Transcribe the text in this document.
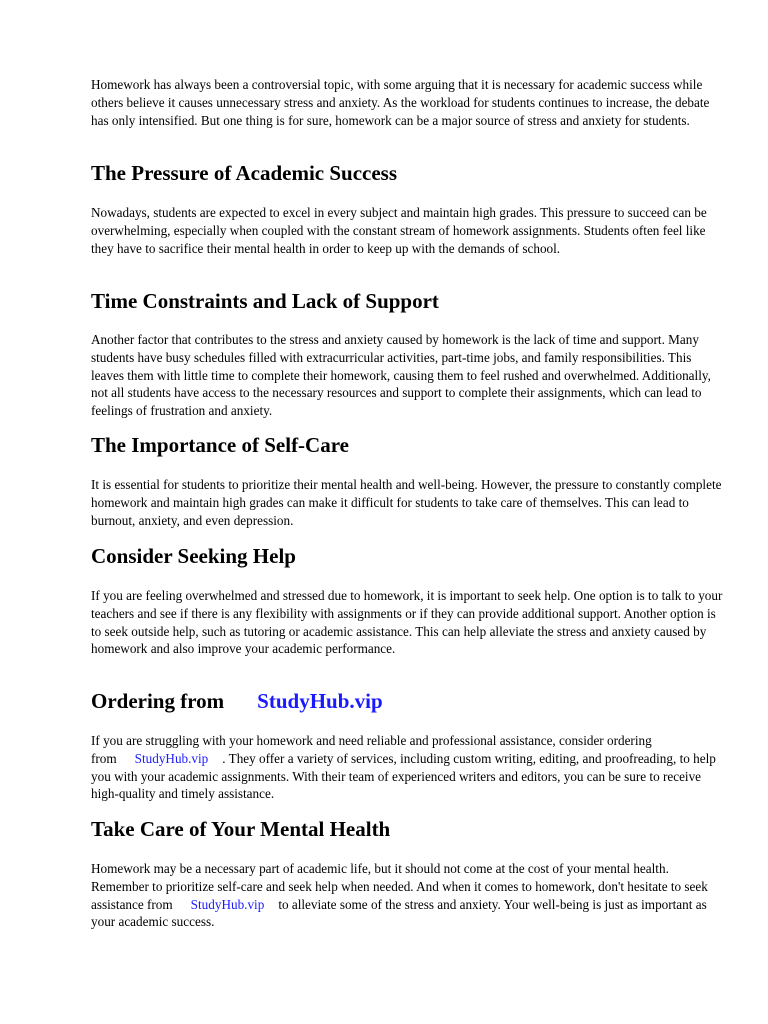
Homework has always been a controversial topic, with some arguing that it is necessary for academic success while others believe it causes unnecessary stress and anxiety. As the workload for students continues to increase, the debate has only intensified. But one thing is for sure, homework can be a major source of stress and anxiety for students.

The Pressure of Academic Success

Nowadays, students are expected to excel in every subject and maintain high grades. This pressure to succeed can be overwhelming, especially when coupled with the constant stream of homework assignments. Students often feel like they have to sacrifice their mental health in order to keep up with the demands of school.

Time Constraints and Lack of Support

Another factor that contributes to the stress and anxiety caused by homework is the lack of time and support. Many students have busy schedules filled with extracurricular activities, part-time jobs, and family responsibilities. This leaves them with little time to complete their homework, causing them to feel rushed and overwhelmed. Additionally, not all students have access to the necessary resources and support to complete their assignments, which can lead to feelings of frustration and anxiety.

The Importance of Self-Care

It is essential for students to prioritize their mental health and well-being. However, the pressure to constantly complete homework and maintain high grades can make it difficult for students to take care of themselves. This can lead to burnout, anxiety, and even depression.

Consider Seeking Help

If you are feeling overwhelmed and stressed due to homework, it is important to seek help. One option is to talk to your teachers and see if there is any flexibility with assignments or if they can provide additional support. Another option is to seek outside help, such as tutoring or academic assistance. This can help alleviate the stress and anxiety caused by homework and also improve your academic performance.

Ordering from StudyHub.vip

If you are struggling with your homework and need reliable and professional assistance, consider ordering from StudyHub.vip . They offer a variety of services, including custom writing, editing, and proofreading, to help you with your academic assignments. With their team of experienced writers and editors, you can be sure to receive high-quality and timely assistance.

Take Care of Your Mental Health

Homework may be a necessary part of academic life, but it should not come at the cost of your mental health. Remember to prioritize self-care and seek help when needed. And when it comes to homework, don't hesitate to seek assistance from StudyHub.vip to alleviate some of the stress and anxiety. Your well-being is just as important as your academic success.
